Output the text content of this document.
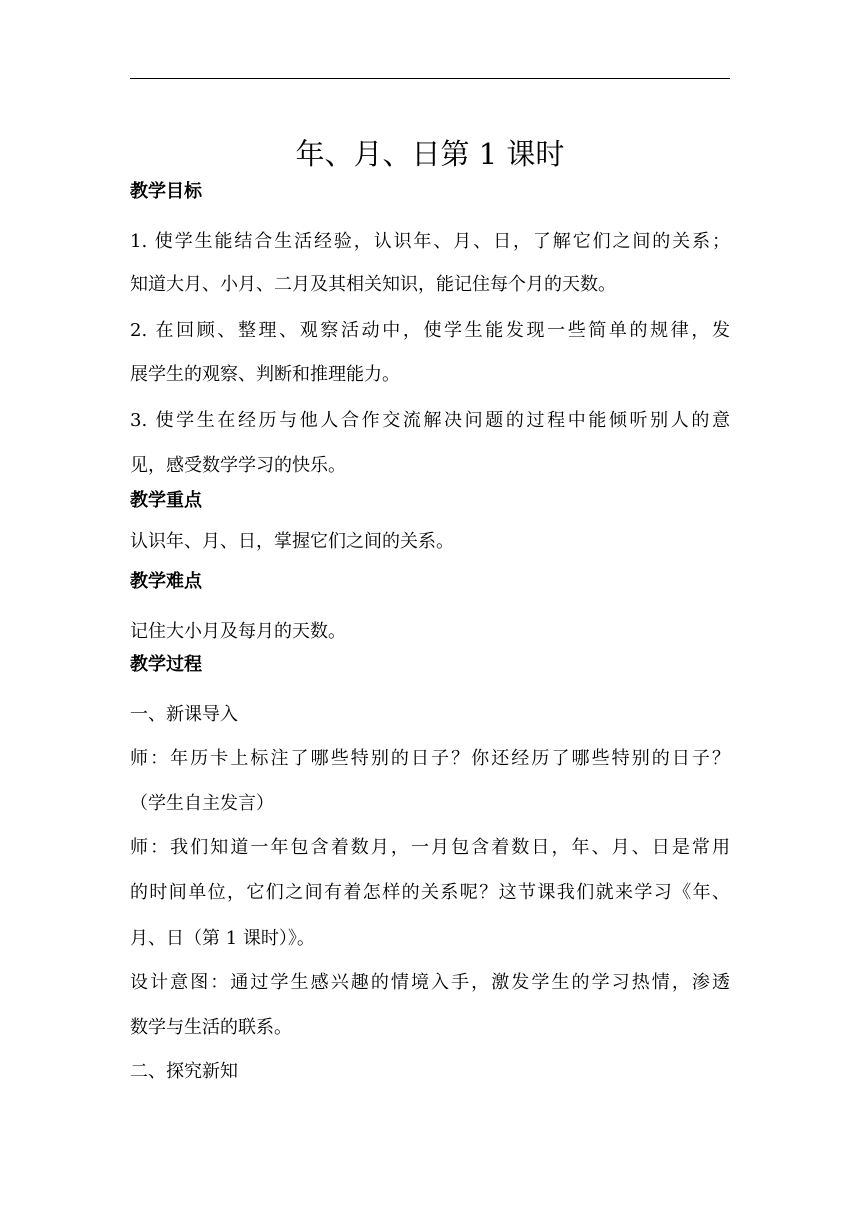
年、月、日第 1 课时
教学目标
1. 使学生能结合生活经验，认识年、月、日，了解它们之间的关系；
知道大月、小月、二月及其相关知识，能记住每个月的天数。
2. 在回顾、整理、观察活动中，使学生能发现一些简单的规律，发
展学生的观察、判断和推理能力。
3. 使学生在经历与他人合作交流解决问题的过程中能倾听别人的意
见，感受数学学习的快乐。
教学重点
认识年、月、日，掌握它们之间的关系。
教学难点
记住大小月及每月的天数。
教学过程
一、新课导入
师：年历卡上标注了哪些特别的日子？你还经历了哪些特别的日子？
（学生自主发言）
师：我们知道一年包含着数月，一月包含着数日，年、月、日是常用
的时间单位，它们之间有着怎样的关系呢？这节课我们就来学习《年、
月、日（第 1 课时）》。
设计意图：通过学生感兴趣的情境入手，激发学生的学习热情，渗透
数学与生活的联系。
二、探究新知
